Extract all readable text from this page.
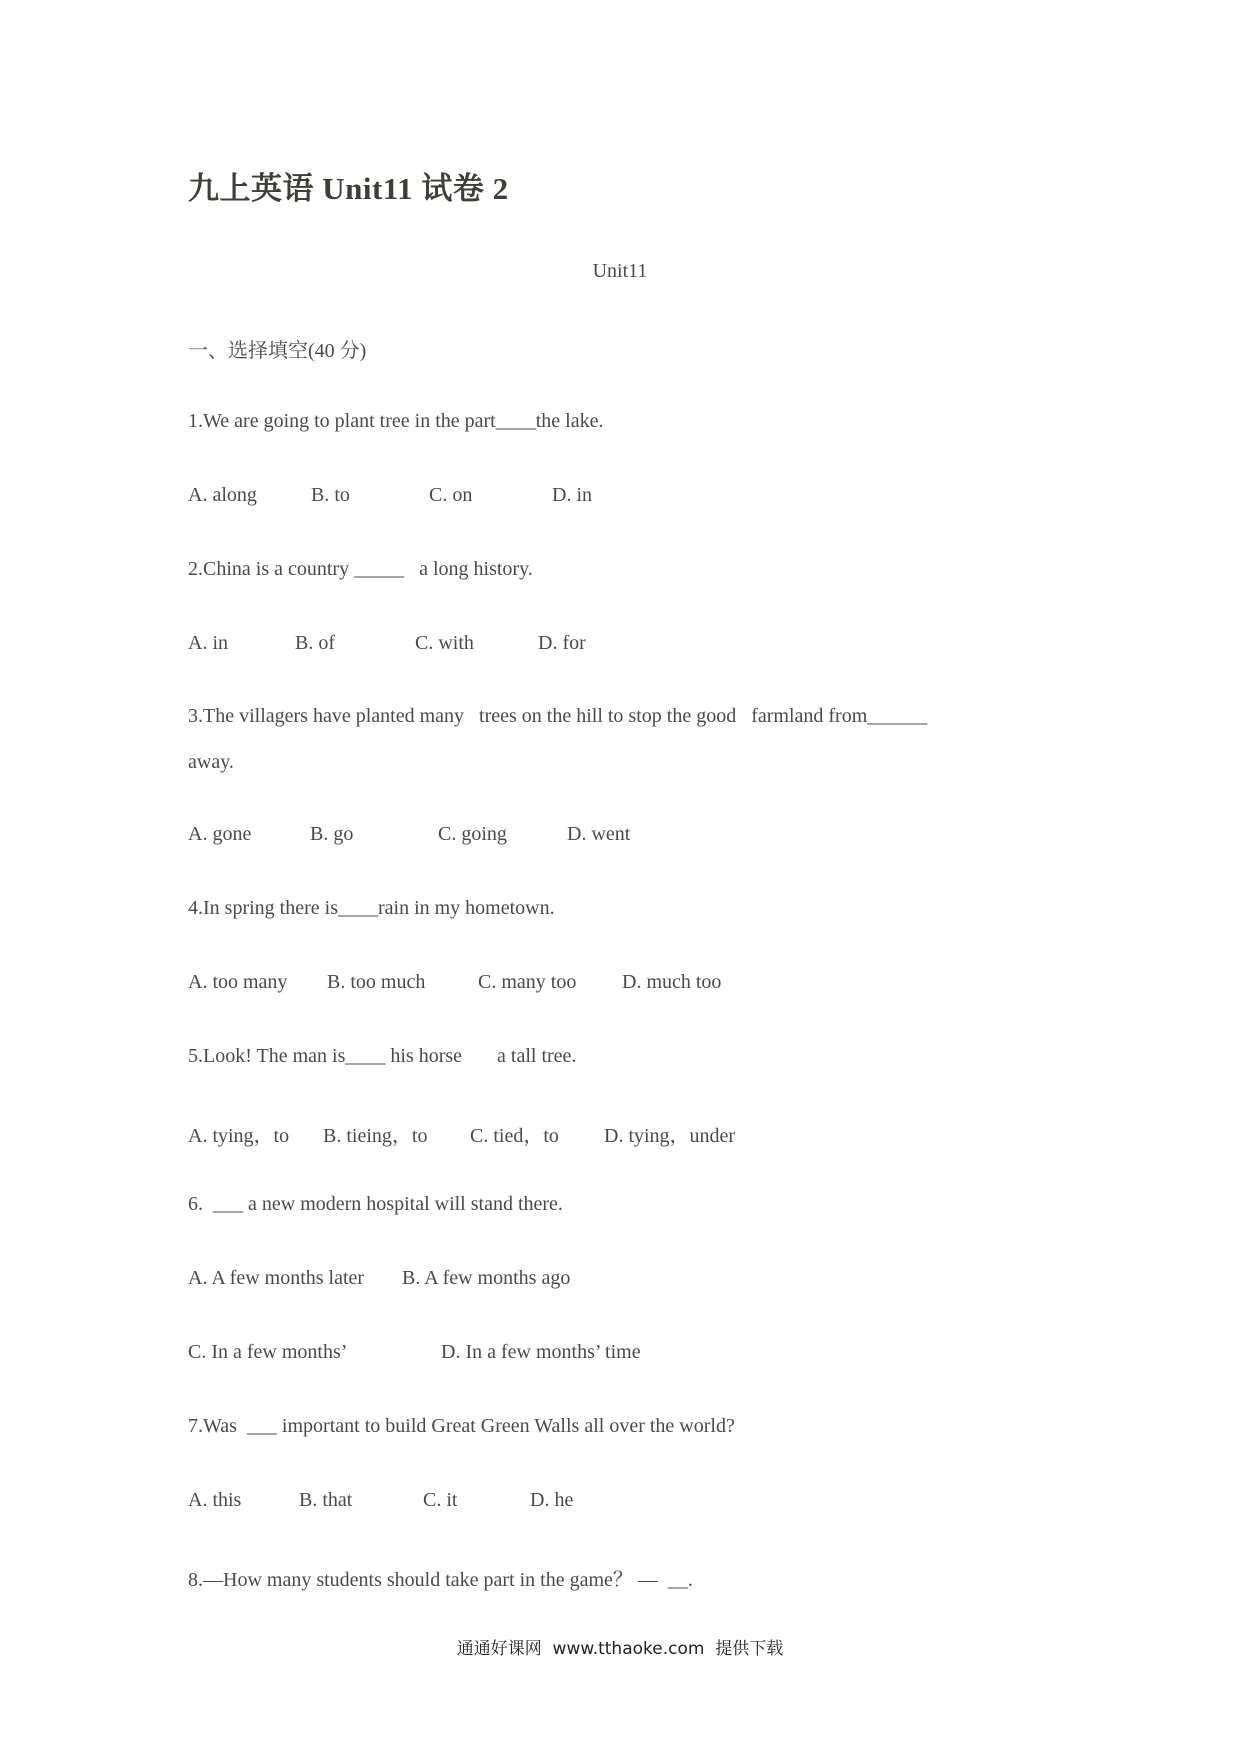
九上英语 Unit11 试卷 2
Unit11
一、选择填空(40 分)
1.We are going to plant tree in the part____the lake.
A. along	B. to	C. on	D. in
2.China is a country _____   a long history.
A. in	B. of	C. with	D. for
3.The villagers have planted many   trees on the hill to stop the good   farmland from______
away.
A. gone	B. go	C. going	D. went
4.In spring there is____rain in my hometown.
A. too many B. too much	C. many too D. much too
5.Look! The man is____ his horse       a tall tree.
A. tying，to B. tieing，to C. tied，to D. tying，under
6.  ___ a new modern hospital will stand there.
A. A few months later B. A few months ago
C. In a few months’	D. In a few months’ time
7.Was  ___ important to build Great Green Walls all over the world?
A. this	B. that	C. it	D. he
8.—How many students should take part in the game？ —  __.
通通好课网  www.tthaoke.com  提供下载
